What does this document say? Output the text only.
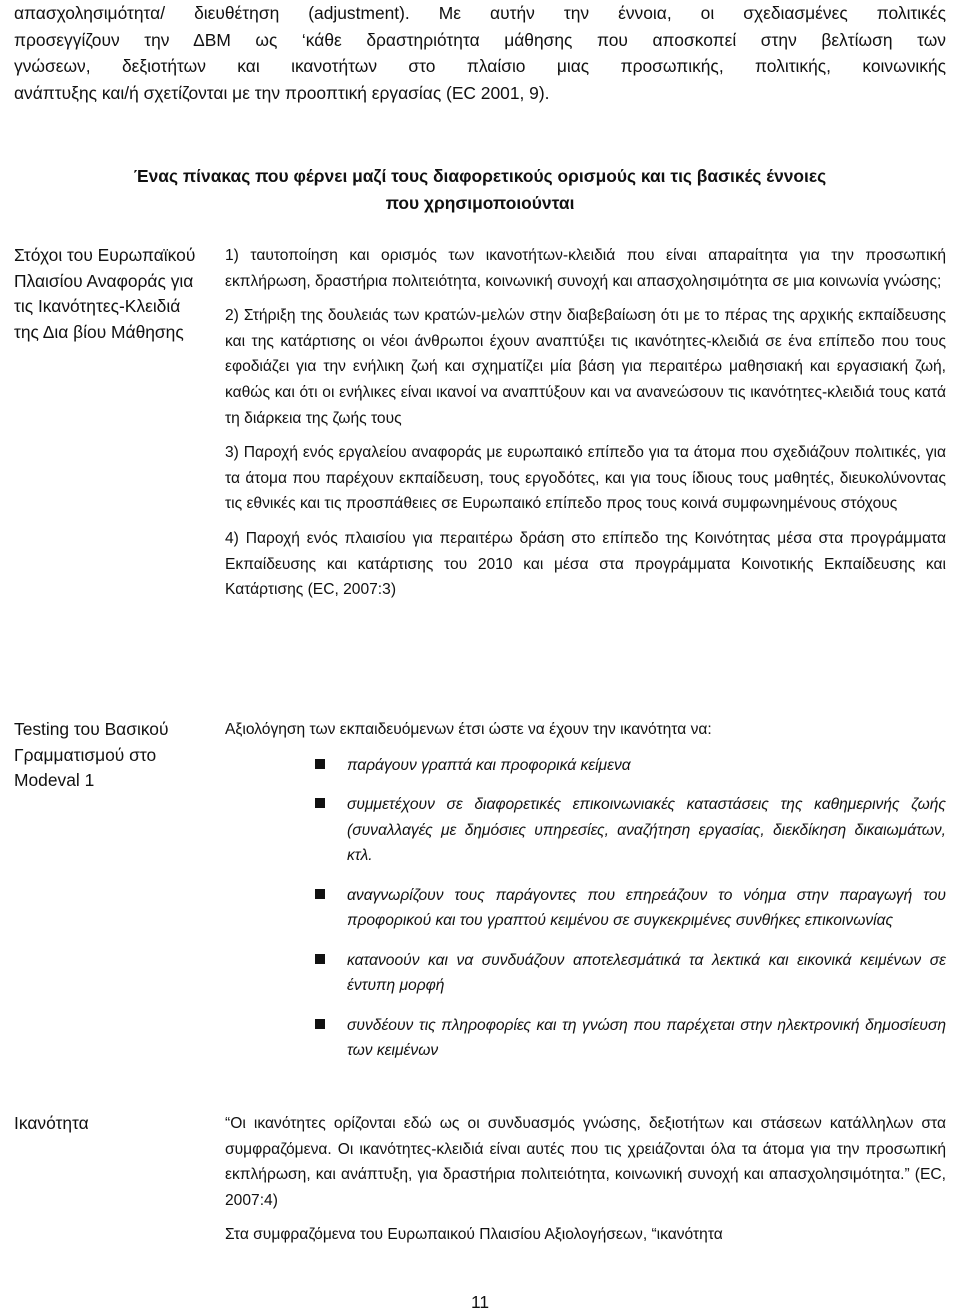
απασχολησιμότητα/ διευθέτηση (adjustment). Με αυτήν την έννοια, οι σχεδιασμένες πολιτικές
προσεγγίζουν την ΔΒΜ ως ‘κάθε δραστηριότητα μάθησης που αποσκοπεί στην βελτίωση των
γνώσεων, δεξιοτήτων και ικανοτήτων στο πλαίσιο μιας προσωπικής, πολιτικής, κοινωνικής
ανάπτυξης και/ή σχετίζονται με την προοπτική εργασίας (EC 2001, 9).
Ένας πίνακας που φέρνει μαζί τους διαφορετικούς ορισμούς και τις βασικές έννοιες
που χρησιμοποιούνται
Στόχοι του Ευρωπαϊκού Πλαισίου Αναφοράς για τις Ικανότητες-Κλειδιά της Δια βίου Μάθησης

1) ταυτοποίηση και ορισμός των ικανοτήτων-κλειδιά που είναι απαραίτητα για την προσωπική εκπλήρωση, δραστήρια πολιτειότητα, κοινωνική συνοχή και απασχολησιμότητα σε μια κοινωνία γνώσης;

2) Στήριξη της δουλειάς των κρατών-μελών στην διαβεβαίωση ότι με το πέρας της αρχικής εκπαίδευσης και της κατάρτισης οι νέοι άνθρωποι έχουν αναπτύξει τις ικανότητες-κλειδιά σε ένα επίπεδο που τους εφοδιάζει για την ενήλικη ζωή και σχηματίζει μία βάση για περαιτέρω μαθησιακή και εργασιακή ζωή, καθώς και ότι οι ενήλικες είναι ικανοί να αναπτύξουν και να ανανεώσουν τις ικανότητες-κλειδιά τους κατά τη διάρκεια της ζωής τους

3) Παροχή ενός εργαλείου αναφοράς με ευρωπαικό επίπεδο για τα άτομα που σχεδιάζουν πολιτικές, για τα άτομα που παρέχουν εκπαίδευση, τους εργοδότες, και για τους ίδιους τους μαθητές, διευκολύνοντας τις εθνικές και τις προσπάθειες σε Ευρωπαικό επίπεδο προς τους κοινά συμφωνημένους στόχους

4) Παροχή ενός πλαισίου για περαιτέρω δράση στο επίπεδο της Κοινότητας μέσα στα προγράμματα Εκπαίδευσης και κατάρτισης του 2010 και μέσα στα προγράμματα Κοινοτικής Εκπαίδευσης και Κατάρτισης (EC, 2007:3)

Testing του Βασικού Γραμματισμού στο Modeval 1

Αξιολόγηση των εκπαιδευόμενων έτσι ώστε να έχουν την ικανότητα να:

παράγουν γραπτά και προφορικά κείμενα
συμμετέχουν σε διαφορετικές επικοινωνιακές καταστάσεις της καθημερινής ζωής (συναλλαγές με δημόσιες υπηρεσίες, αναζήτηση εργασίας, διεκδίκηση δικαιωμάτων, κτλ.
αναγνωρίζουν τους παράγοντες που επηρεάζουν το νόημα στην παραγωγή του προφορικού και του γραπτού κειμένου σε συγκεκριμένες συνθήκες επικοινωνίας
κατανοούν και να συνδυάζουν αποτελεσμάτικά τα λεκτικά και εικονικά κειμένων σε έντυπη μορφή
συνδέουν τις πληροφορίες και τη γνώση που παρέχεται στην ηλεκτρονική δημοσίευση των κειμένων
Ικανότητα	“Οι ικανότητες ορίζονται εδώ ως οι συνδυασμός γνώσης, δεξιοτήτων και στάσεων κατάλληλων στα συμφραζόμενα. Οι ικανότητες-κλειδιά είναι αυτές που τις χρειάζονται όλα τα άτομα για την προσωπική εκπλήρωση, και ανάπτυξη, για δραστήρια πολιτειότητα, κοινωνική συνοχή και απασχολησιμότητα.” (EC, 2007:4)

Στα συμφραζόμενα του Ευρωπαικού Πλαισίου Αξιολογήσεων, “ικανότητα

11
